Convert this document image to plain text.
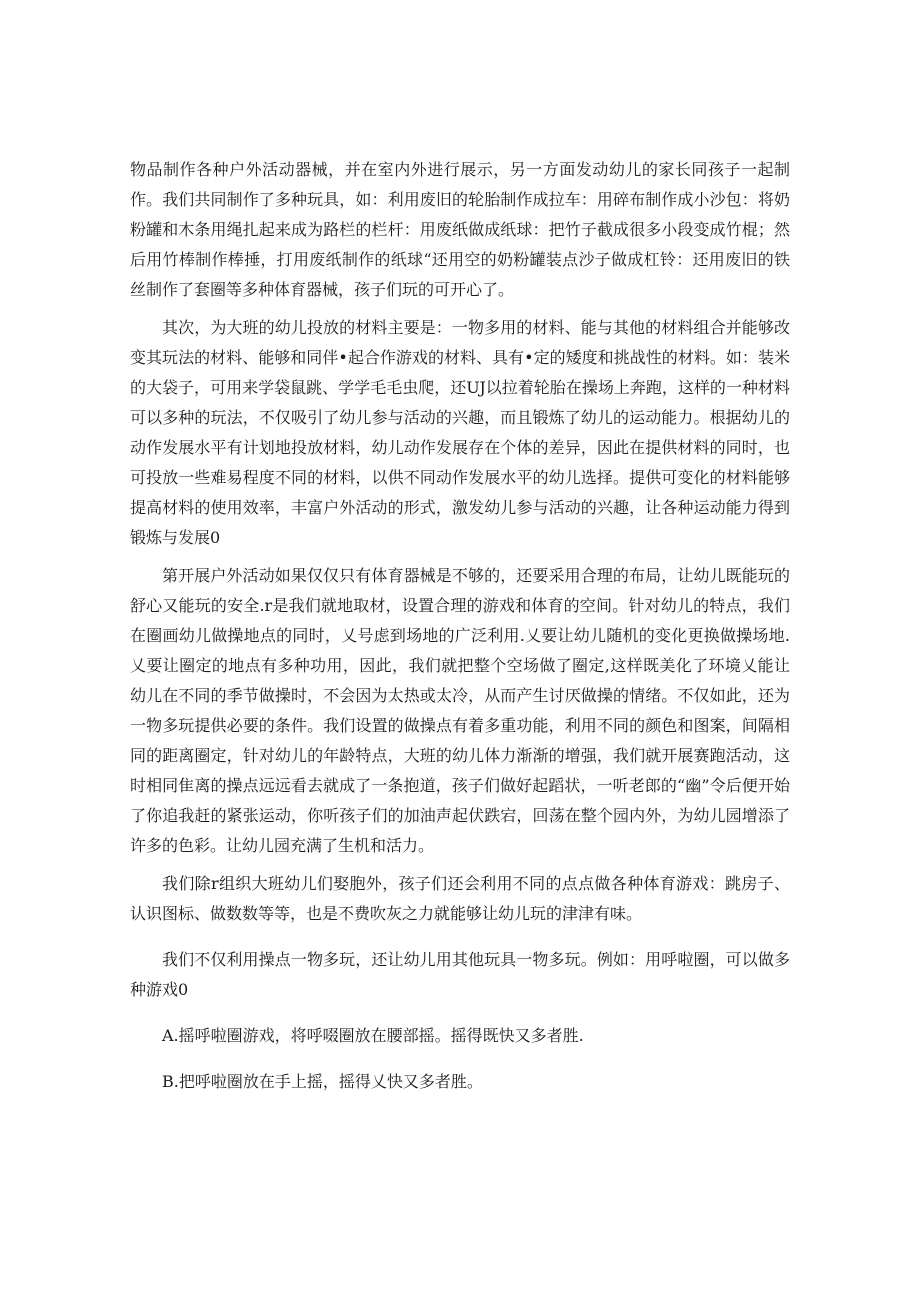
物品制作各种户外活动器械，并在室内外进行展示，另一方面发动幼儿的家长同孩子一起制作。我们共同制作了多种玩具，如：利用废旧的轮胎制作成拉车：用碎布制作成小沙包：将奶粉罐和木条用绳扎起来成为路栏的栏杆：用废纸做成纸球：把竹子截成很多小段变成竹棍；然后用竹棒制作棒捶，打用废纸制作的纸球“还用空的奶粉罐装点沙子做成杠铃：还用废旧的铁丝制作了套圈等多种体育器械，孩子们玩的可开心了。

其次，为大班的幼儿投放的材料主要是：一物多用的材料、能与其他的材料组合并能够改变其玩法的材料、能够和同伴•起合作游戏的材料、具有•定的矮度和挑战性的材料。如：装米的大袋子，可用来学袋鼠跳、学学毛毛虫爬，还UJ以拉着轮胎在操场上奔跑，这样的一种材料可以多种的玩法，不仅吸引了幼儿参与活动的兴趣，而且锻炼了幼儿的运动能力。根据幼儿的动作发展水平有计划地投放材料，幼儿动作发展存在个体的差异，因此在提供材料的同时，也可投放一些难易程度不同的材料，以供不同动作发展水平的幼儿选择。提供可变化的材料能够提高材料的使用效率，丰富户外活动的形式，激发幼儿参与活动的兴趣，让各种运动能力得到锻炼与发展0

第开展户外活动如果仅仅只有体育器械是不够的，还要采用合理的布局，让幼儿既能玩的舒心又能玩的安全.r是我们就地取材，设置合理的游戏和体育的空间。针对幼儿的特点，我们在圈画幼儿做操地点的同时，乂号虑到场地的广泛利用.乂要让幼儿随机的变化更换做操场地.乂要让圈定的地点有多种功用，因此，我们就把整个空场做了圈定,这样既美化了环境乂能让幼儿在不同的季节做操时，不会因为太热或太冷，从而产生讨厌做操的情绪。不仅如此，还为一物多玩提供必要的条件。我们设置的做操点有着多重功能，利用不同的颜色和图案，间隔相同的距离圈定，针对幼儿的年龄特点，大班的幼儿体力渐渐的增强，我们就开展赛跑活动，这时相同隹离的操点远远看去就成了一条抱道，孩子们做好起蹈状，一听老郎的“幽”令后便开始了你追我赶的紧张运动，你听孩子们的加油声起伏跌宕，回荡在整个园内外，为幼儿园增添了许多的色彩。让幼儿园充满了生机和活力。

我们除r组织大班幼儿们娶胞外，孩子们还会利用不同的点点做各种体育游戏：跳房子、认识图标、做数数等等，也是不费吹灰之力就能够让幼儿玩的津津有味。

我们不仅利用操点一物多玩，还让幼儿用其他玩具一物多玩。例如：用呼啦圈，可以做多种游戏0

A.摇呼啦圈游戏，将呼啜圈放在腰部摇。摇得既快又多者胜.

B.把呼啦圈放在手上摇，摇得乂快又多者胜。
